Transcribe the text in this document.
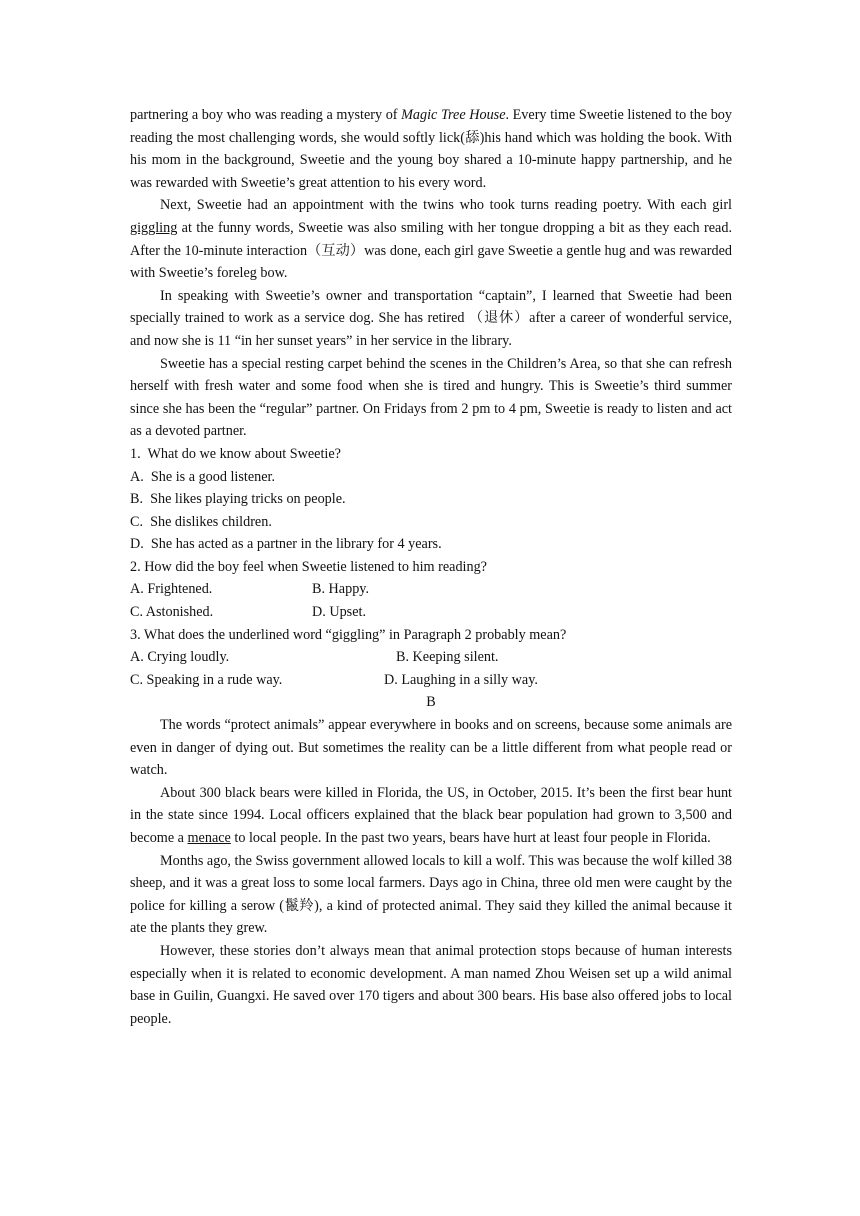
partnering a boy who was reading a mystery of Magic Tree House. Every time Sweetie listened to the boy reading the most challenging words, she would softly lick(舔)his hand which was holding the book. With his mom in the background, Sweetie and the young boy shared a 10-minute happy partnership, and he was rewarded with Sweetie’s great attention to his every word.

Next, Sweetie had an appointment with the twins who took turns reading poetry. With each girl giggling at the funny words, Sweetie was also smiling with her tongue dropping a bit as they each read. After the 10-minute interaction（互动）was done, each girl gave Sweetie a gentle hug and was rewarded with Sweetie’s foreleg bow.

In speaking with Sweetie’s owner and transportation “captain”, I learned that Sweetie had been specially trained to work as a service dog. She has retired （退休）after a career of wonderful service, and now she is 11 “in her sunset years” in her service in the library.

Sweetie has a special resting carpet behind the scenes in the Children’s Area, so that she can refresh herself with fresh water and some food when she is tired and hungry. This is Sweetie’s third summer since she has been the “regular” partner. On Fridays from 2 pm to 4 pm, Sweetie is ready to listen and act as a devoted partner.

1.  What do we know about Sweetie?

A.  She is a good listener.

B.  She likes playing tricks on people.

C.  She dislikes children.

D.  She has acted as a partner in the library for 4 years.

2. How did the boy feel when Sweetie listened to him reading?

A. Frightened.	B. Happy.
C. Astonished.	D. Upset.

3. What does the underlined word “giggling” in Paragraph 2 probably mean?

A. Crying loudly.	B. Keeping silent.
C. Speaking in a rude way.	D. Laughing in a silly way.

B

The words “protect animals” appear everywhere in books and on screens, because some animals are even in danger of dying out. But sometimes the reality can be a little different from what people read or watch.

About 300 black bears were killed in Florida, the US, in October, 2015. It’s been the first bear hunt in the state since 1994. Local officers explained that the black bear population had grown to 3,500 and become a menace to local people. In the past two years, bears have hurt at least four people in Florida.

Months ago, the Swiss government allowed locals to kill a wolf. This was because the wolf killed 38 sheep, and it was a great loss to some local farmers. Days ago in China, three old men were caught by the police for killing a serow (鬣羚), a kind of protected animal. They said they killed the animal because it ate the plants they grew.

However, these stories don’t always mean that animal protection stops because of human interests especially when it is related to economic development. A man named Zhou Weisen set up a wild animal base in Guilin, Guangxi. He saved over 170 tigers and about 300 bears. His base also offered jobs to local people.
